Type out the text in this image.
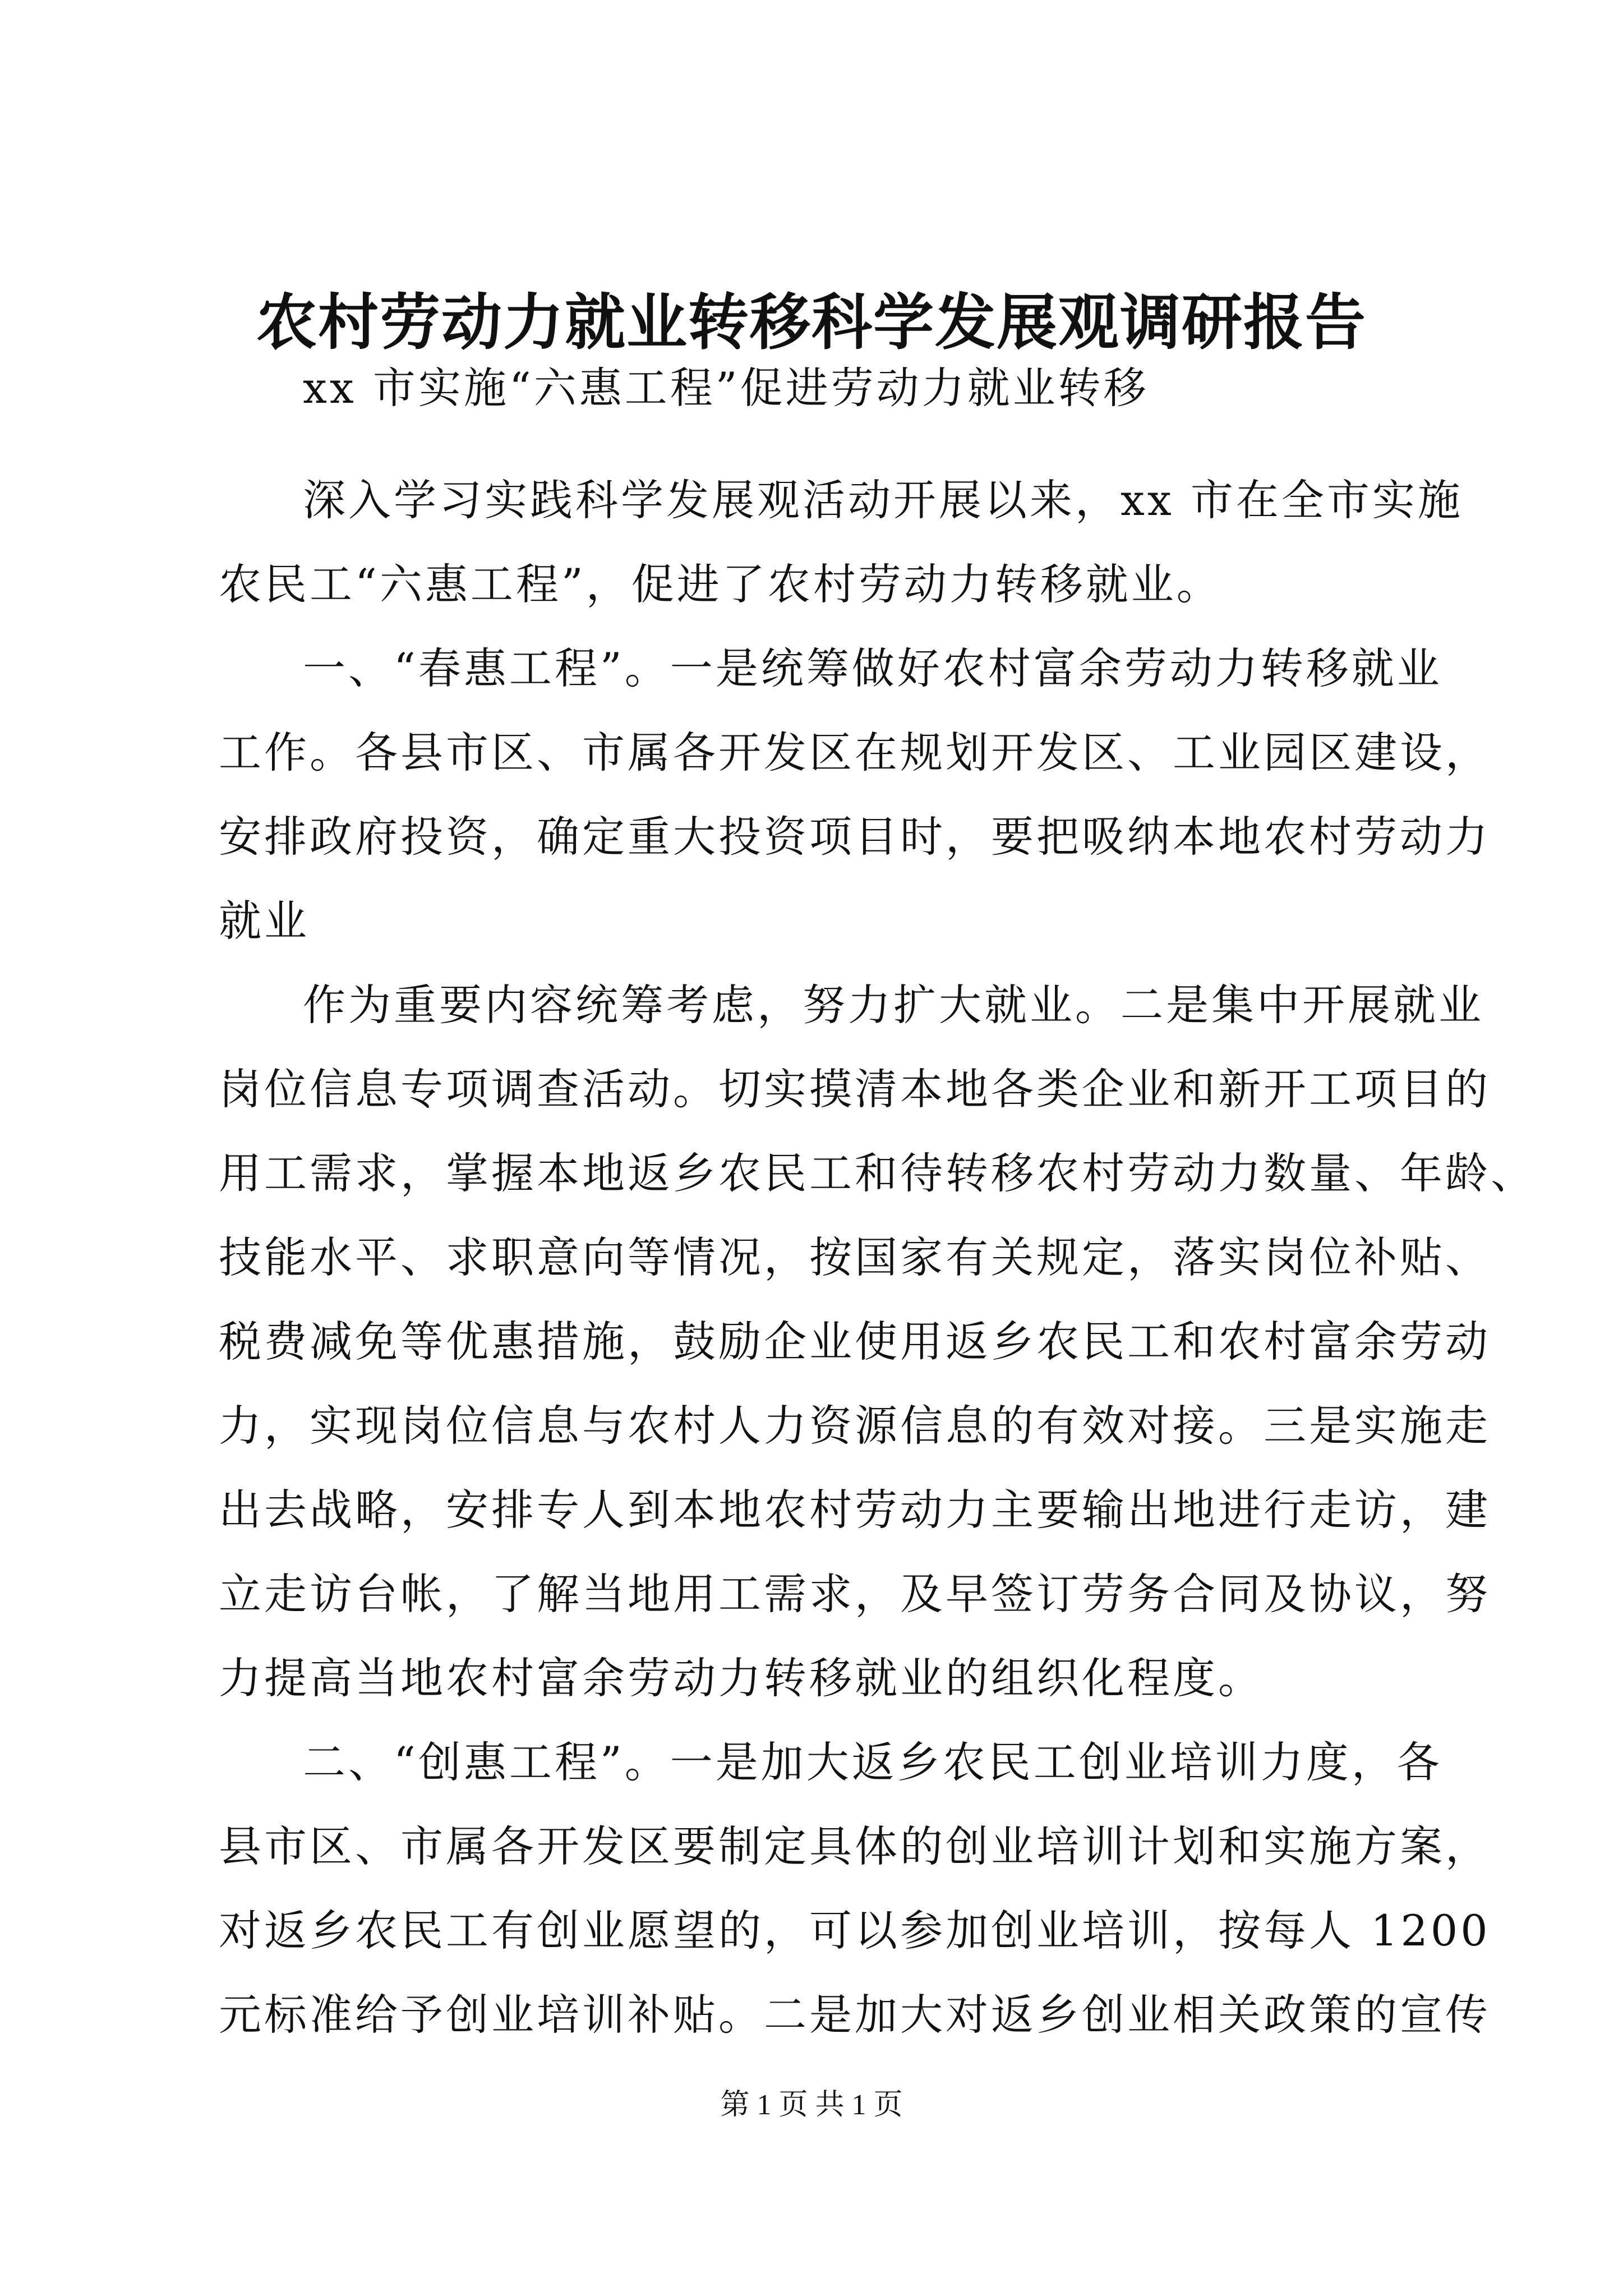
农村劳动力就业转移科学发展观调研报告
xx 市实施“六惠工程”促进劳动力就业转移
深入学习实践科学发展观活动开展以来，xx 市在全市实施
农民工“六惠工程”，促进了农村劳动力转移就业。
一、“春惠工程”。一是统筹做好农村富余劳动力转移就业
工作。各县市区、市属各开发区在规划开发区、工业园区建设，
安排政府投资，确定重大投资项目时，要把吸纳本地农村劳动力
就业
作为重要内容统筹考虑，努力扩大就业。二是集中开展就业
岗位信息专项调查活动。切实摸清本地各类企业和新开工项目的
用工需求，掌握本地返乡农民工和待转移农村劳动力数量、年龄、
技能水平、求职意向等情况，按国家有关规定，落实岗位补贴、
税费减免等优惠措施，鼓励企业使用返乡农民工和农村富余劳动
力，实现岗位信息与农村人力资源信息的有效对接。三是实施走
出去战略，安排专人到本地农村劳动力主要输出地进行走访，建
立走访台帐，了解当地用工需求，及早签订劳务合同及协议，努
力提高当地农村富余劳动力转移就业的组织化程度。
二、“创惠工程”。一是加大返乡农民工创业培训力度，各
县市区、市属各开发区要制定具体的创业培训计划和实施方案，
对返乡农民工有创业愿望的，可以参加创业培训，按每人 1200
元标准给予创业培训补贴。二是加大对返乡创业相关政策的宣传
第 1 页 共 1 页
